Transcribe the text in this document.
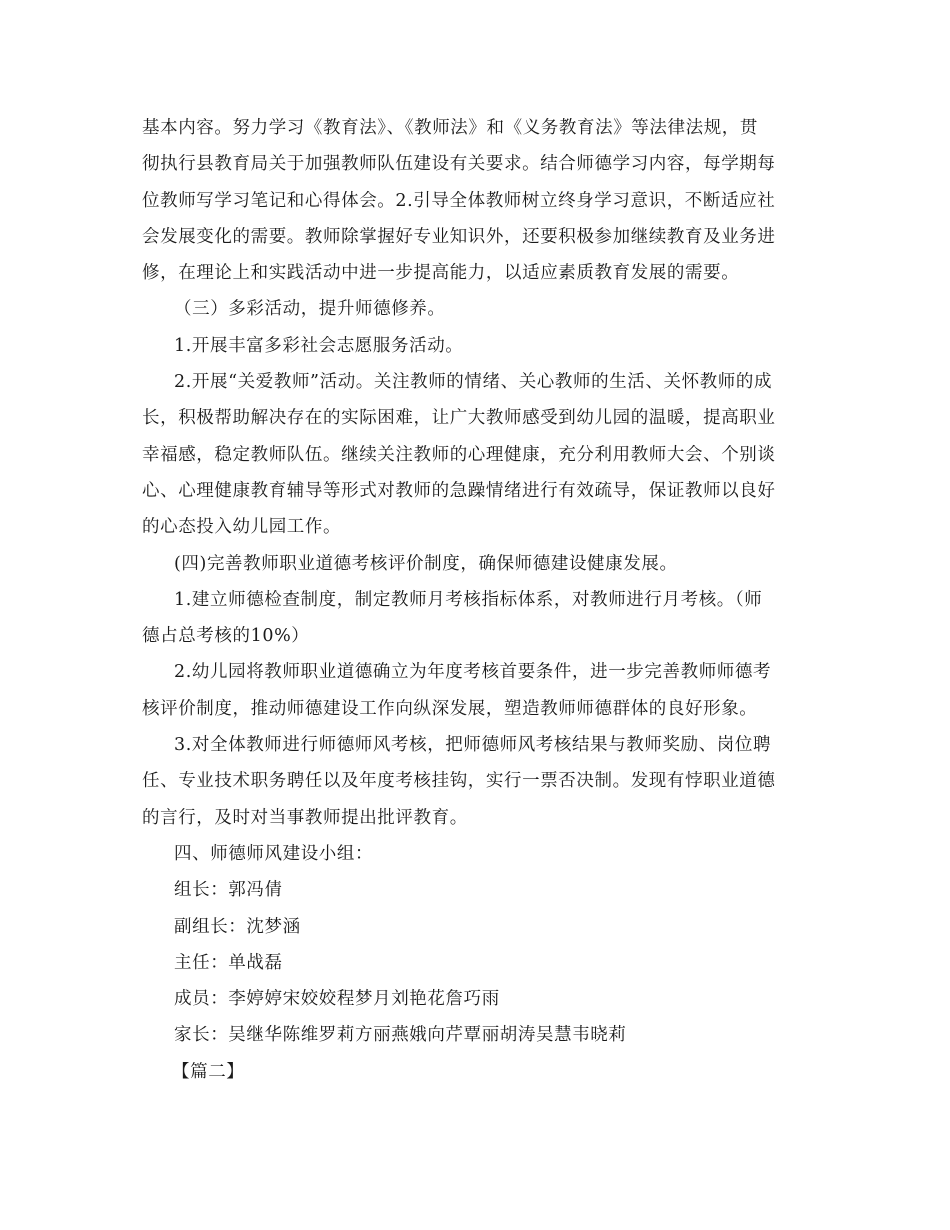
基本内容。努力学习《教育法》、《教师法》和《义务教育法》等法律法规，贯
彻执行县教育局关于加强教师队伍建设有关要求。结合师德学习内容，每学期每
位教师写学习笔记和心得体会。2.引导全体教师树立终身学习意识，不断适应社
会发展变化的需要。教师除掌握好专业知识外，还要积极参加继续教育及业务进
修，在理论上和实践活动中进一步提高能力，以适应素质教育发展的需要。
（三）多彩活动，提升师德修养。
1.开展丰富多彩社会志愿服务活动。
2.开展“关爱教师”活动。关注教师的情绪、关心教师的生活、关怀教师的成
长，积极帮助解决存在的实际困难，让广大教师感受到幼儿园的温暖，提高职业
幸福感，稳定教师队伍。继续关注教师的心理健康，充分利用教师大会、个别谈
心、心理健康教育辅导等形式对教师的急躁情绪进行有效疏导，保证教师以良好
的心态投入幼儿园工作。
(四)完善教师职业道德考核评价制度，确保师德建设健康发展。
1.建立师德检查制度，制定教师月考核指标体系，对教师进行月考核。（师
德占总考核的10%）
2.幼儿园将教师职业道德确立为年度考核首要条件，进一步完善教师师德考
核评价制度，推动师德建设工作向纵深发展，塑造教师师德群体的良好形象。
3.对全体教师进行师德师风考核，把师德师风考核结果与教师奖励、岗位聘
任、专业技术职务聘任以及年度考核挂钩，实行一票否决制。发现有悖职业道德
的言行，及时对当事教师提出批评教育。
四、师德师风建设小组：
组长：郭冯倩
副组长：沈梦涵
主任：单战磊
成员：李婷婷宋姣姣程梦月刘艳花詹巧雨
家长：吴继华陈维罗莉方丽燕娥向芹覃丽胡涛吴慧韦晓莉
【篇二】
